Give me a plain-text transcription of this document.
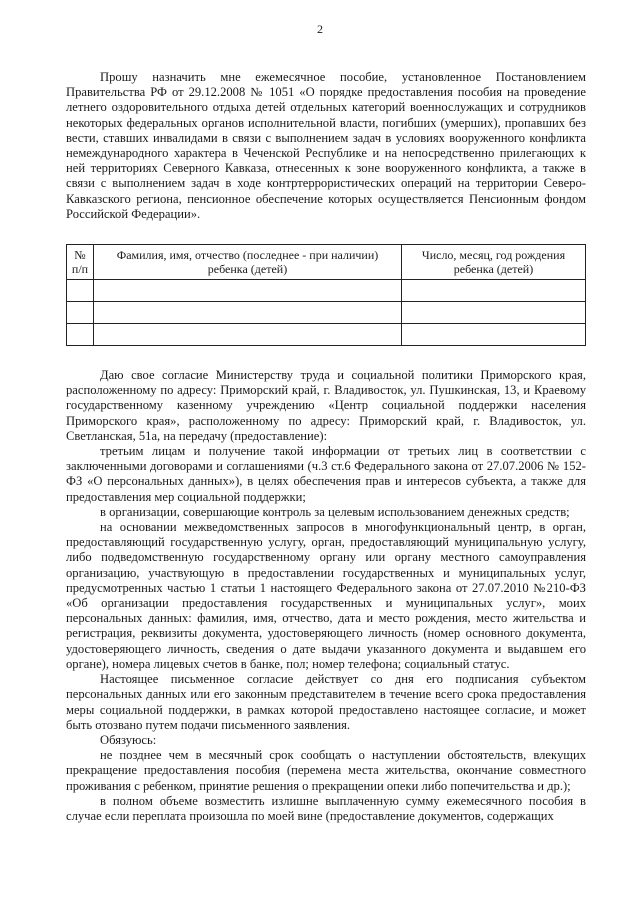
2

Прошу назначить мне ежемесячное пособие, установленное Постановлением Правительства РФ от 29.12.2008 № 1051 «О порядке предоставления пособия на проведение летнего оздоровительного отдыха детей отдельных категорий военнослужащих и сотрудников некоторых федеральных органов исполнительной власти, погибших (умерших), пропавших без вести, ставших инвалидами в связи с выполнением задач в условиях вооруженного конфликта немеждународного характера в Чеченской Республике и на непосредственно прилегающих к ней территориях Северного Кавказа, отнесенных к зоне вооруженного конфликта, а также в связи с выполнением задач в ходе контртеррористических операций на территории Северо-Кавказского региона, пенсионное обеспечение которых осуществляется Пенсионным фондом Российской Федерации».

№ п/п	Фамилия, имя, отчество (последнее - при наличии) ребенка (детей)	Число, месяц, год рождения ребенка (детей)

Даю свое согласие Министерству труда и социальной политики Приморского края, расположенному по адресу: Приморский край, г. Владивосток, ул. Пушкинская, 13, и Краевому государственному казенному учреждению «Центр социальной поддержки населения Приморского края», расположенному по адресу: Приморский край, г. Владивосток, ул. Светланская, 51а, на передачу (предоставление):

третьим лицам и получение такой информации от третьих лиц в соответствии с заключенными договорами и соглашениями (ч.3 ст.6 Федерального закона от 27.07.2006 № 152-ФЗ «О персональных данных»), в целях обеспечения прав и интересов субъекта, а также для предоставления мер социальной поддержки;

в организации, совершающие контроль за целевым использованием денежных средств;

на основании межведомственных запросов в многофункциональный центр, в орган, предоставляющий государственную услугу, орган, предоставляющий муниципальную услугу, либо подведомственную государственному органу или органу местного самоуправления организацию, участвующую в предоставлении государственных и муниципальных услуг, предусмотренных частью 1 статьи 1 настоящего Федерального закона от 27.07.2010 №210-ФЗ «Об организации предоставления государственных и муниципальных услуг», моих персональных данных: фамилия, имя, отчество, дата и место рождения, место жительства и регистрация, реквизиты документа, удостоверяющего личность (номер основного документа, удостоверяющего личность, сведения о дате выдачи указанного документа и выдавшем его органе), номера лицевых счетов в банке, пол; номер телефона; социальный статус.

Настоящее письменное согласие действует со дня его подписания субъектом персональных данных или его законным представителем в течение всего срока предоставления меры социальной поддержки, в рамках которой предоставлено настоящее согласие, и может быть отозвано путем подачи письменного заявления.

Обязуюсь:

не позднее чем в месячный срок сообщать о наступлении обстоятельств, влекущих прекращение предоставления пособия (перемена места жительства, окончание совместного проживания с ребенком, принятие решения о прекращении опеки либо попечительства и др.);

в полном объеме возместить излишне выплаченную сумму ежемесячного пособия в случае если переплата произошла по моей вине (предоставление документов, содержащих
